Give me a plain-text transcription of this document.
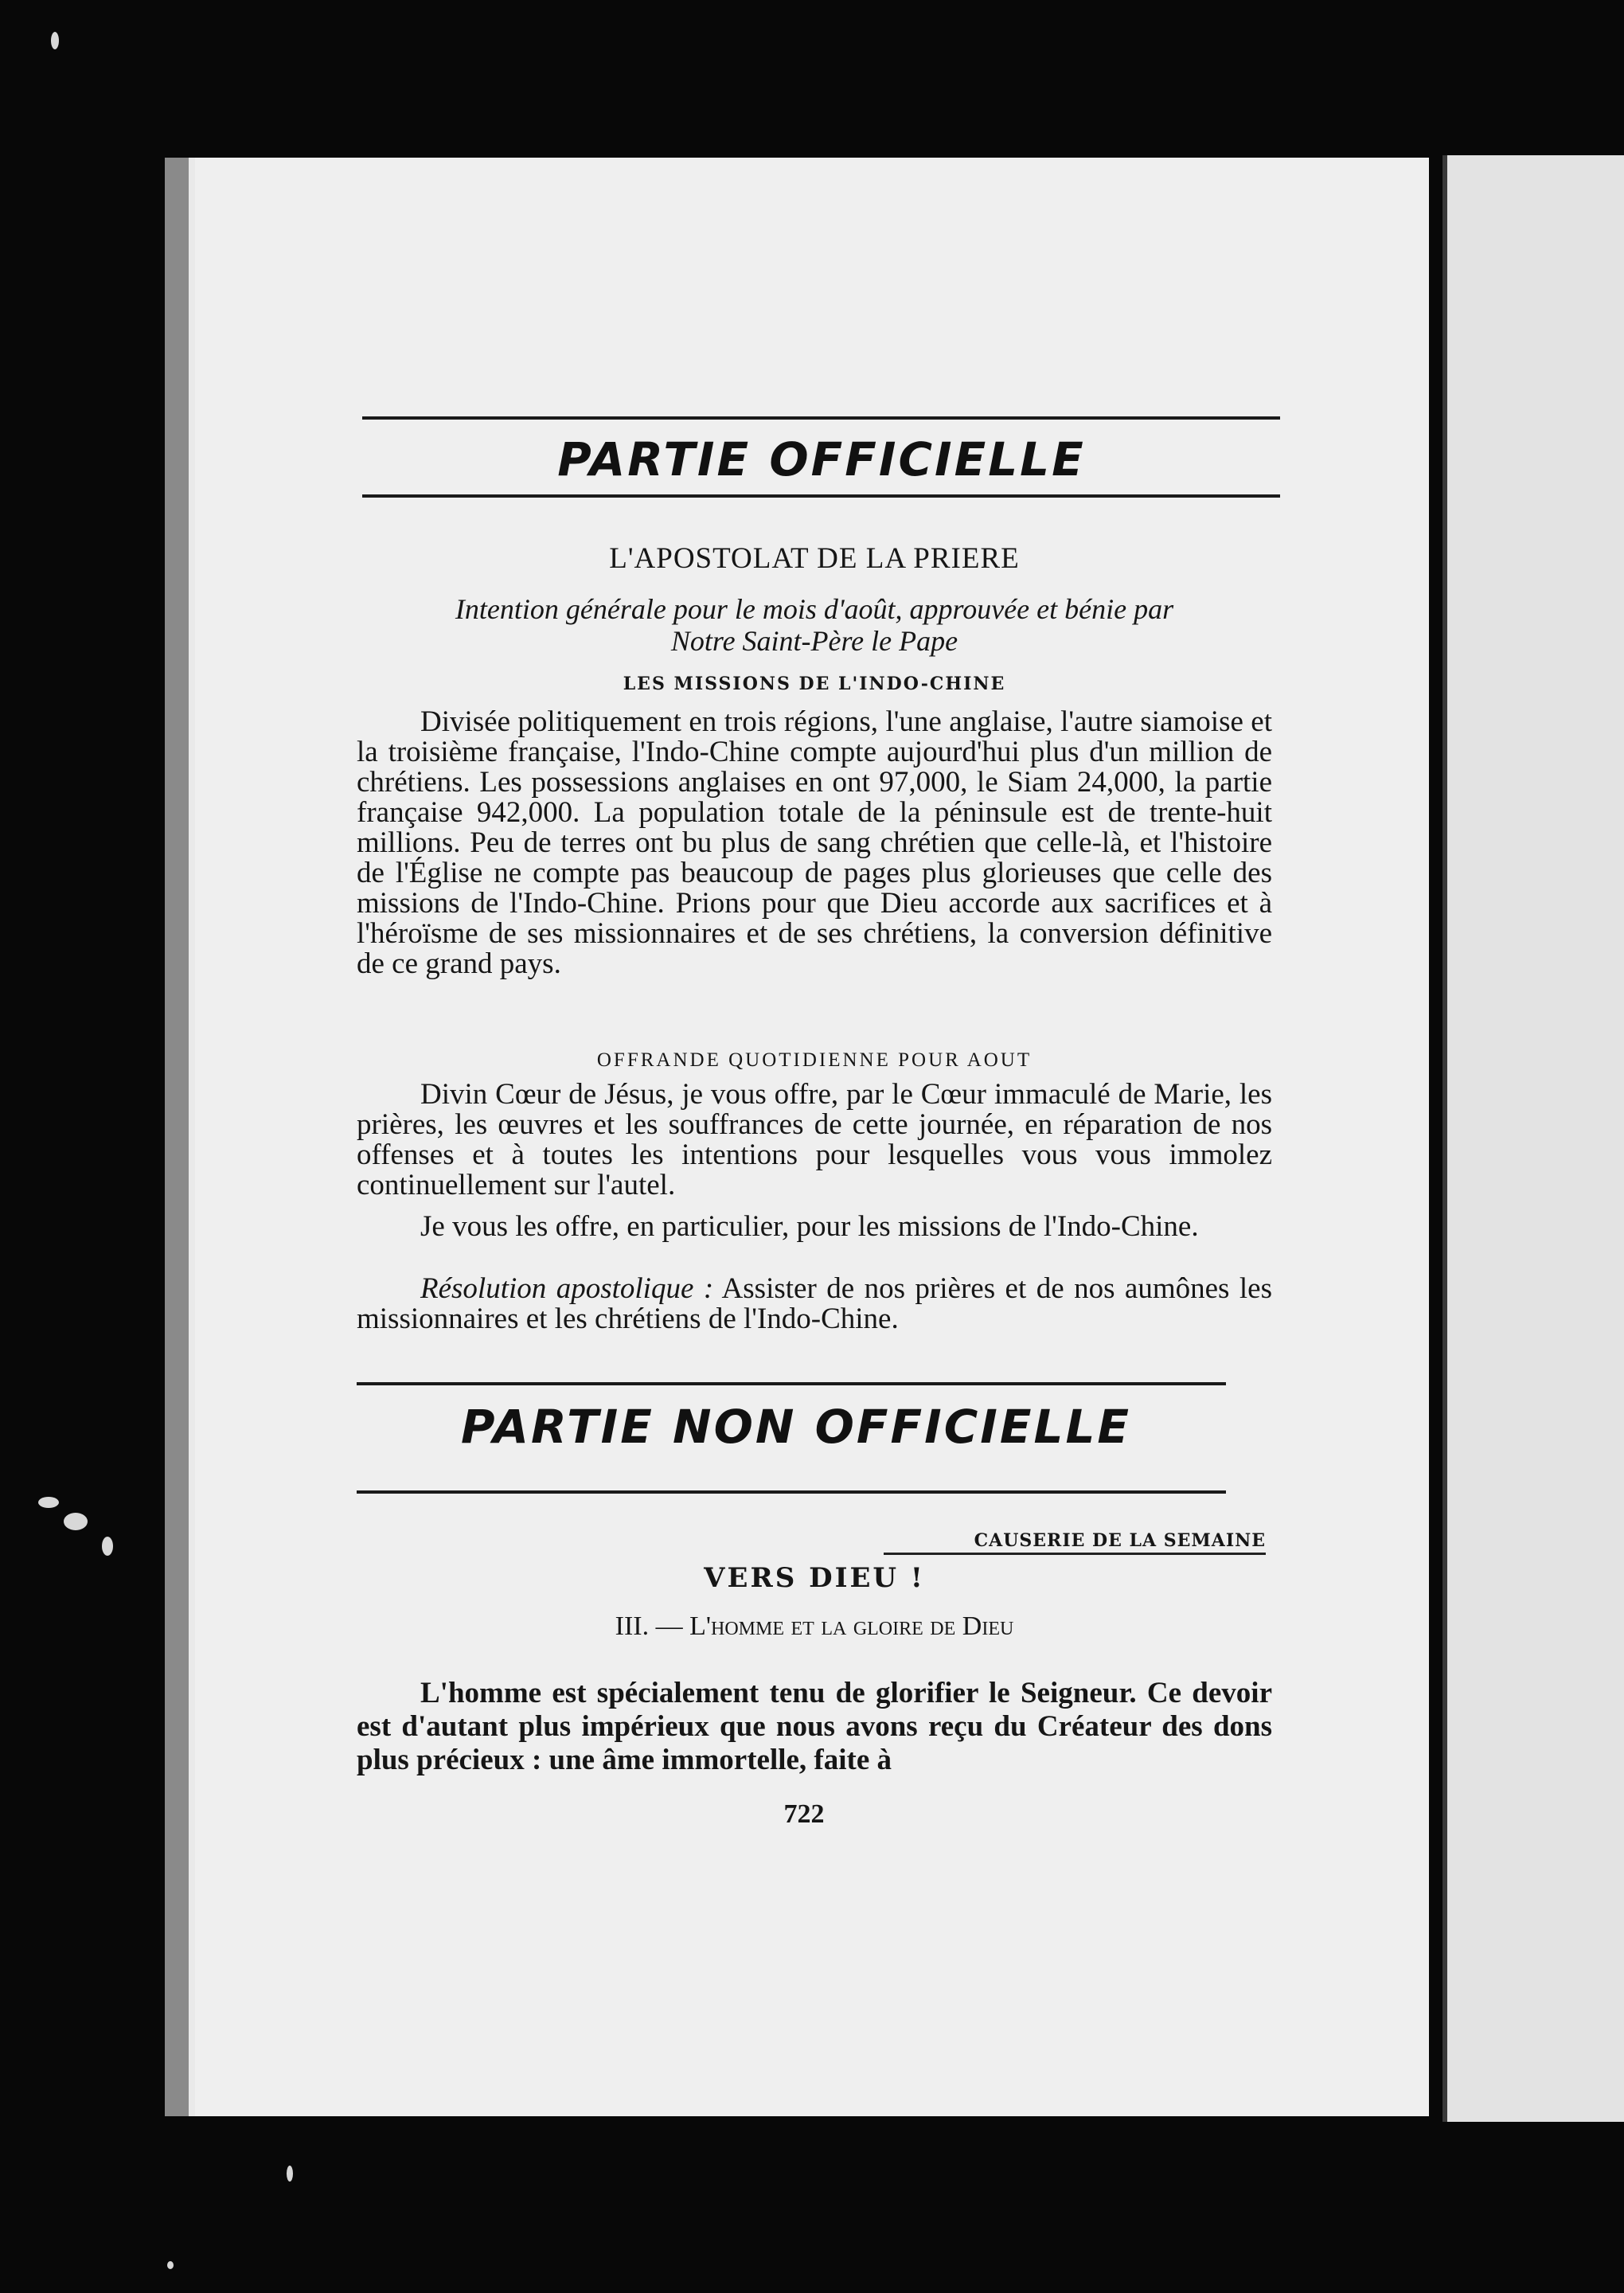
PARTIE OFFICIELLE
L'APOSTOLAT DE LA PRIERE
Intention générale pour le mois d'août, approuvée et bénie par
Notre Saint-Père le Pape
LES MISSIONS DE L'INDO-CHINE
Divisée politiquement en trois régions, l'une anglaise, l'autre siamoise et la troisième française, l'Indo-Chine compte aujourd'hui plus d'un million de chrétiens. Les possessions anglaises en ont 97,000, le Siam 24,000, la partie française 942,000. La population totale de la péninsule est de trente-huit millions. Peu de terres ont bu plus de sang chrétien que celle-là, et l'histoire de l'Église ne compte pas beaucoup de pages plus glorieuses que celle des missions de l'Indo-Chine. Prions pour que Dieu accorde aux sacrifices et à l'héroïsme de ses missionnaires et de ses chrétiens, la conversion définitive de ce grand pays.
OFFRANDE QUOTIDIENNE POUR AOUT
Divin Cœur de Jésus, je vous offre, par le Cœur immaculé de Marie, les prières, les œuvres et les souffrances de cette journée, en réparation de nos offenses et à toutes les intentions pour lesquelles vous vous immolez continuellement sur l'autel.
Je vous les offre, en particulier, pour les missions de l'Indo-Chine.
Résolution apostolique : Assister de nos prières et de nos aumônes les missionnaires et les chrétiens de l'Indo-Chine.
PARTIE NON OFFICIELLE
CAUSERIE DE LA SEMAINE
VERS DIEU !
III. — L'homme et la gloire de Dieu
L'homme est spécialement tenu de glorifier le Seigneur. Ce devoir est d'autant plus impérieux que nous avons reçu du Créateur des dons plus précieux : une âme immortelle, faite à
722
